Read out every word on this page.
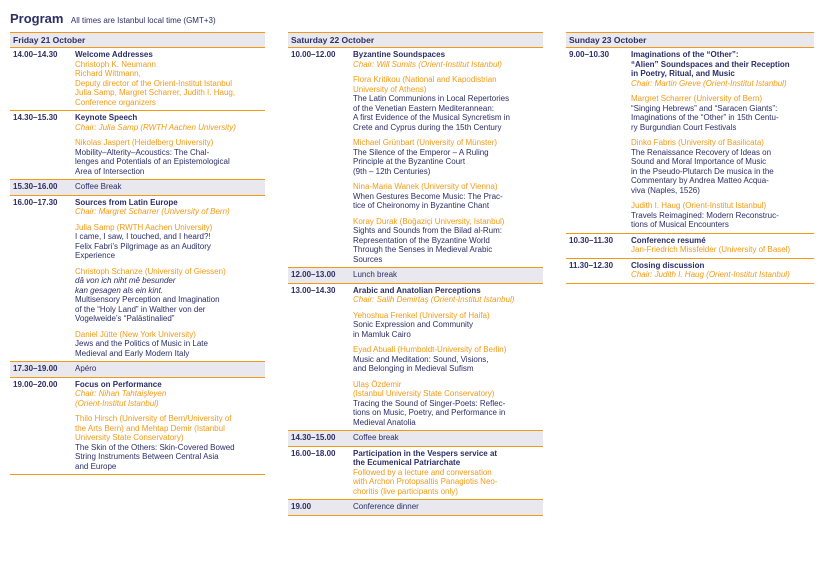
Program All times are Istanbul local time (GMT+3)
Friday 21 October
14.00–14.30	Welcome Addresses
Christoph K. Neumann
Richard Wittmann,
Deputy director of the Orient-Institut Istanbul
Julia Samp, Margret Scharrer, Judith I. Haug,
Conference organizers
14.30–15.30	Keynote Speech
Chair: Julia Samp (RWTH Aachen University)
Nikolas Jaspert (Heidelberg University)
Mobility–Alterity–Acoustics: The Chal-
lenges and Potentials of an Epistemological
Area of Intersection
15.30–16.00	Coffee Break
16.00–17.30	Sources from Latin Europe
Chair: Margret Scharrer (University of Bern)
Julia Samp (RWTH Aachen University)
I came, I saw, I touched, and I heard?!
Felix Fabri’s Pilgrimage as an Auditory
Experience
Christoph Schanze (University of Giessen)
dâ von ich niht mê besunder
kan gesagen als ein kint.
Multisensory Perception and Imagination
of the “Holy Land” in Walther von der
Vogelweide’s “Palästinalied”
Daniel Jütte (New York University)
Jews and the Politics of Music in Late
Medieval and Early Modern Italy
17.30–19.00	Apéro
19.00–20.00	Focus on Performance
Chair: Nihan Tahtaişleyen
(Orient-Institut Istanbul)
Thilo Hirsch (University of Bern/University of
the Arts Bern) and Mehtap Demir (Istanbul
University State Conservatory)
The Skin of the Others: Skin-Covered Bowed
String Instruments Between Central Asia
and Europe
Saturday 22 October
10.00–12.00	Byzantine Soundspaces
Chair: Will Sumits (Orient-Institut Istanbul)
Flora Kritikou (National and Kapodistrian
University of Athens)
The Latin Communions in Local Repertories
of the Venetian Eastern Mediterannean:
A first Evidence of the Musical Syncretism in
Crete and Cyprus during the 15th Century
Michael Grünbart (University of Münster)
The Silence of the Emperor – A Ruling
Principle at the Byzantine Court
(9th – 12th Centuries)
Nina-Maria Wanek (University of Vienna)
When Gestures Become Music: The Prac-
tice of Cheironomy in Byzantine Chant
Koray Durak (Boğaziçi University, Istanbul)
Sights and Sounds from the Bilad al-Rum:
Representation of the Byzantine World
Through the Senses in Medieval Arabic
Sources
12.00–13.00	Lunch break
13.00–14.30	Arabic and Anatolian Perceptions
Chair: Salih Demirtaş (Orient-Institut Istanbul)
Yehoshua Frenkel (University of Haifa)
Sonic Expression and Community
in Mamluk Cairo
Eyad Abuali (Humboldt-University of Berlin)
Music and Meditation: Sound, Visions,
and Belonging in Medieval Sufism
Ulaş Özdemir
(Istanbul University State Conservatory)
Tracing the Sound of Singer-Poets: Reflec-
tions on Music, Poetry, and Performance in
Medieval Anatolia
14.30–15.00	Coffee break
16.00–18.00	Participation in the Vespers service at
the Ecumenical Patriarchate
Followed by a lecture and conversation
with Archon Protopsaltis Panagiotis Neo-
choritis (live participants only)
19.00	Conference dinner
Sunday 23 October
9.00–10.30	Imaginations of the “Other”:
“Alien” Soundspaces and their Reception
in Poetry, Ritual, and Music
Chair: Martin Greve (Orient-Institut Istanbul)
Margret Scharrer (University of Bern)
“Singing Hebrews” and “Saracen Giants”:
Imaginations of the “Other” in 15th Centu-
ry Burgundian Court Festivals
Dinko Fabris (University of Basilicata)
The Renaissance Recovery of Ideas on
Sound and Moral Importance of Music
in the Pseudo-Plutarch De musica in the
Commentary by Andrea Matteo Acqua-
viva (Naples, 1526)
Judith I. Haug (Orient-Institut Istanbul)
Travels Reimagined: Modern Reconstruc-
tions of Musical Encounters
10.30–11.30	Conference resumé
Jan-Friedrich Missfelder (University of Basel)
11.30–12.30	Closing discussion
Chair: Judith I. Haug (Orient-Institut Istanbul)
